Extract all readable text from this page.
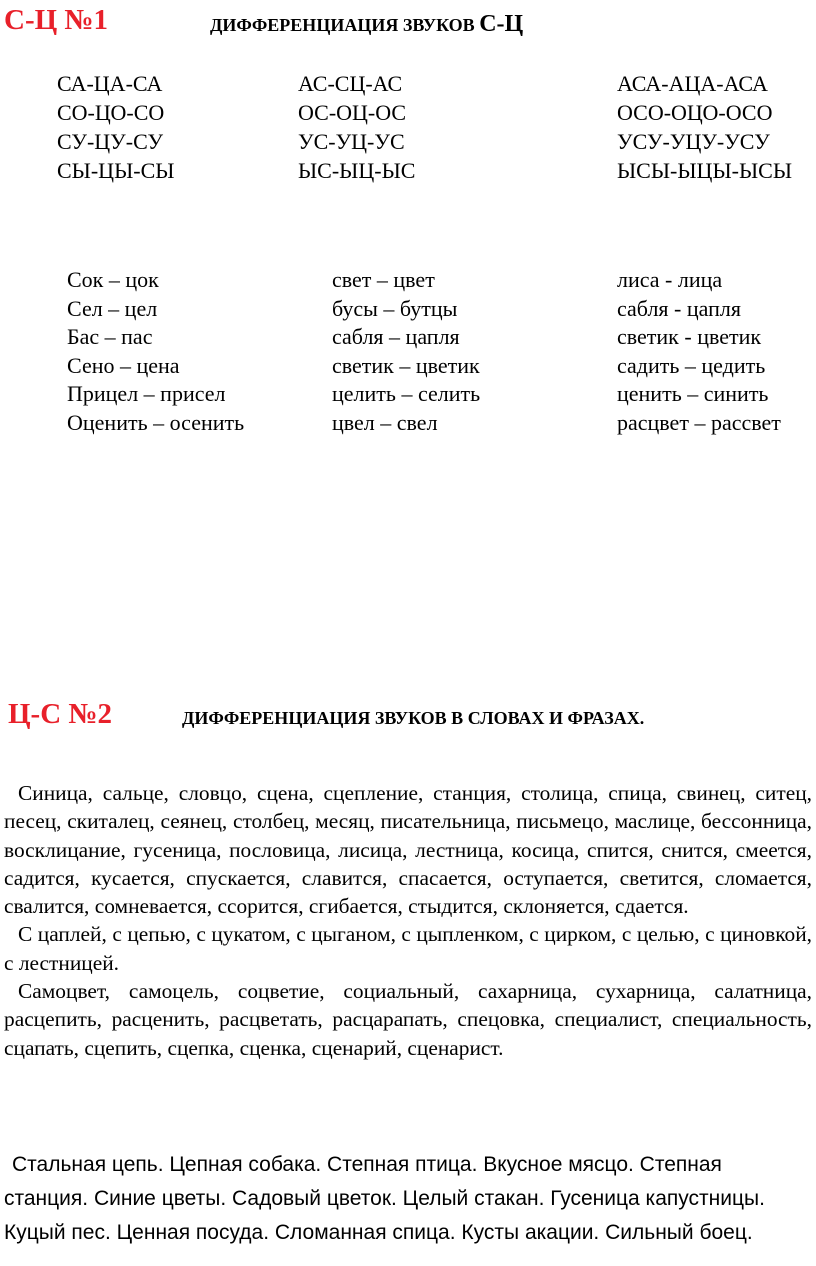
С-Ц №1	ДИФФЕРЕНЦИАЦИЯ ЗВУКОВ С-Ц
СА-ЦА-СА
СО-ЦО-СО
СУ-ЦУ-СУ
СЫ-ЦЫ-СЫ
АС-СЦ-АС
ОС-ОЦ-ОС
УС-УЦ-УС
ЫС-ЫЦ-ЫС
АСА-АЦА-АСА
ОСО-ОЦО-ОСО
УСУ-УЦУ-УСУ
ЫСЫ-ЫЦЫ-ЫСЫ
Сок – цок
Сел – цел
Бас – пас
Сено – цена
Прицел – присел
Оценить – осенить
свет – цвет
бусы – бутцы
сабля – цапля
светик – цветик
целить – селить
цвел – свел
лиса - лица
сабля - цапля
светик - цветик
садить – цедить
ценить – синить
расцвет – рассвет
Ц-С №2	ДИФФЕРЕНЦИАЦИЯ ЗВУКОВ В СЛОВАХ И ФРАЗАХ.

Синица, сальце, словцо, сцена, сцепление, станция, столица, спица, свинец, ситец, песец, скиталец, сеянец, столбец, месяц, писательница, письмецо, маслице, бессонница, восклицание, гусеница, пословица, лисица, лестница, косица, спится, снится, смеется, садится, кусается, спускается, славится, спасается, оступается, светится, сломается, свалится, сомневается, ссорится, сгибается, стыдится, склоняется, сдается.

С цаплей, с цепью, с цукатом, с цыганом, с цыпленком, с цирком, с целью, с циновкой, с лестницей.

Самоцвет, самоцель, соцветие, социальный, сахарница, сухарница, салатница, расцепить, расценить, расцветать, расцарапать, спецовка, специалист, специальность, сцапать, сцепить, сцепка, сценка, сценарий, сценарист.

Стальная цепь. Цепная собака. Степная птица. Вкусное мясцо. Степная

станция. Синие цветы. Садовый цветок. Целый стакан. Гусеница капустницы.

Куцый пес. Ценная посуда. Сломанная спица. Кусты акации. Сильный боец.
